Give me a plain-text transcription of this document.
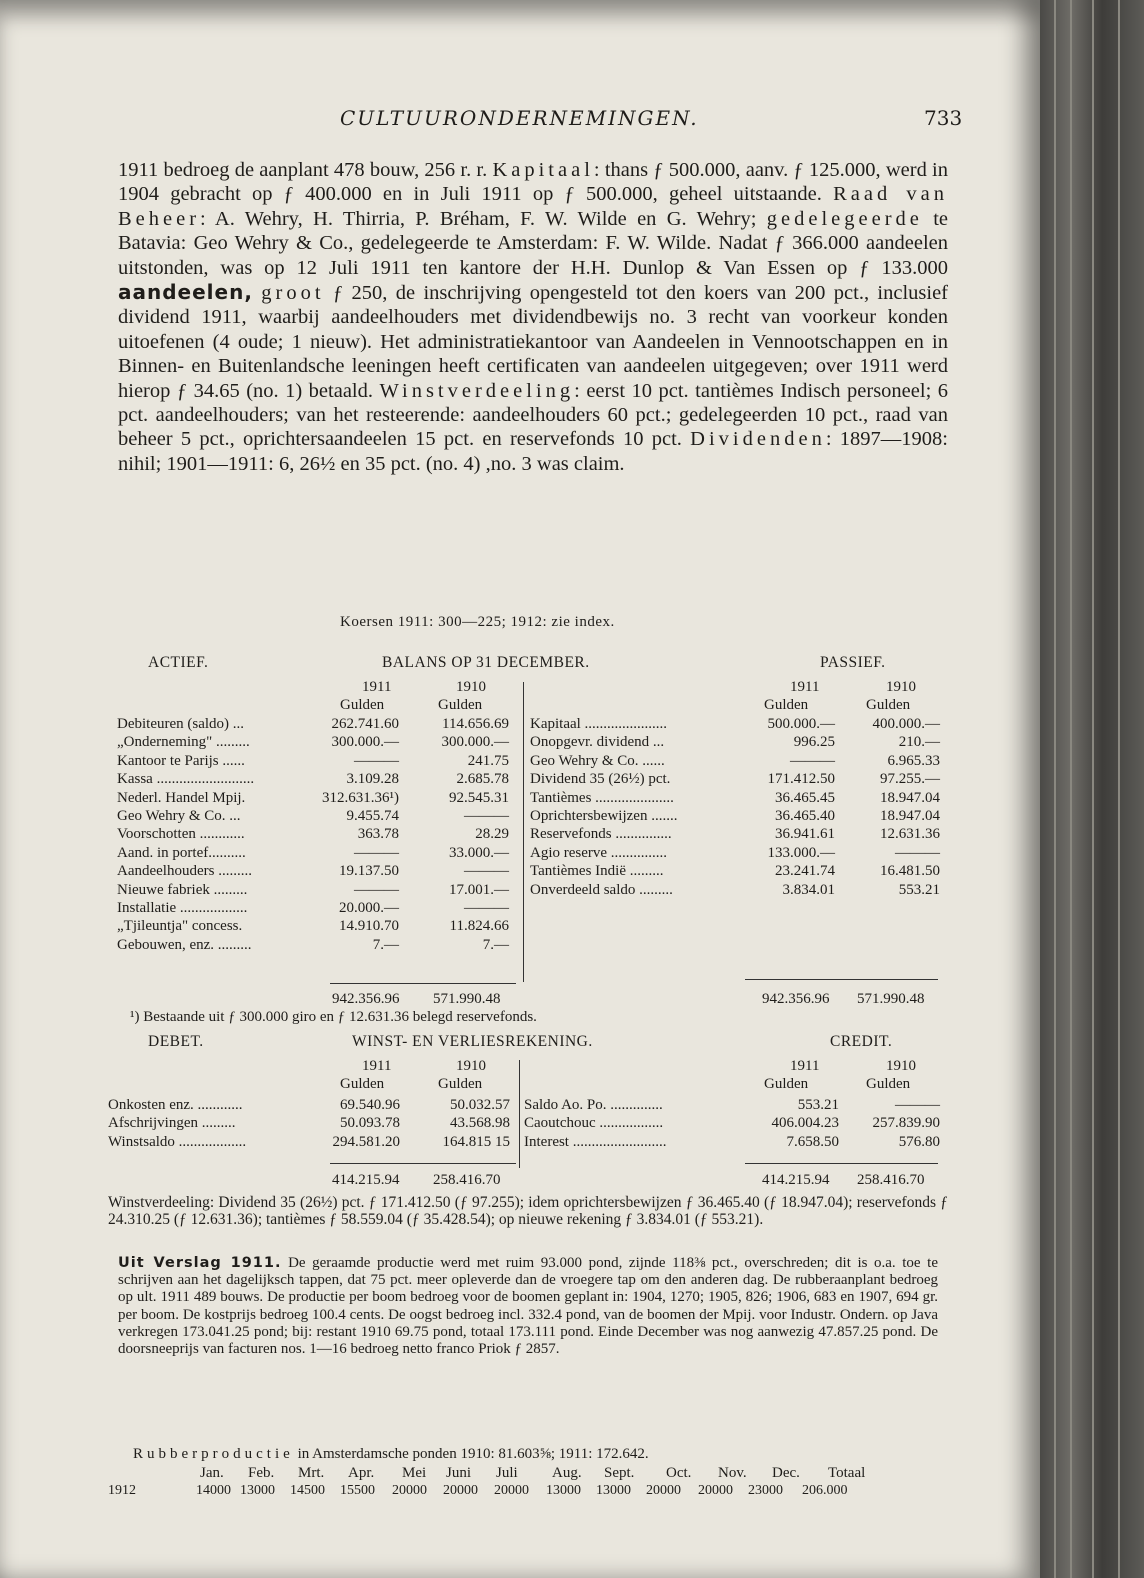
CULTUURONDERNEMINGEN.	733

1911 bedroeg de aanplant 478 bouw, 256 r. r. Kapitaal: thans ƒ 500.000, aanv. ƒ 125.000, werd in 1904 gebracht op ƒ 400.000 en in Juli 1911 op ƒ 500.000, geheel uitstaande. Raad van Beheer: A. Wehry, H. Thirria, P. Bréham, F. W. Wilde en G. Wehry; gedelegeerde te Batavia: Geo Wehry & Co., gedelegeerde te Amsterdam: F. W. Wilde. Nadat ƒ 366.000 aandeelen uitstonden, was op 12 Juli 1911 ten kantore der H.H. Dunlop & Van Essen op ƒ 133.000 aandeelen, groot ƒ 250, de inschrijving opengesteld tot den koers van 200 pct., inclusief dividend 1911, waarbij aandeelhouders met dividendbewijs no. 3 recht van voorkeur konden uitoefenen (4 oude; 1 nieuw). Het administratiekantoor van Aandeelen in Vennootschappen en in Binnen- en Buitenlandsche leeningen heeft certificaten van aandeelen uitgegeven; over 1911 werd hierop ƒ 34.65 (no. 1) betaald. Winstverdeeling: eerst 10 pct. tantièmes Indisch personeel; 6 pct. aandeelhouders; van het resteerende: aandeelhouders 60 pct.; gedelegeerden 10 pct., raad van beheer 5 pct., oprichtersaandeelen 15 pct. en reservefonds 10 pct. Dividenden: 1897—1908: nihil; 1901—1911: 6, 26½ en 35 pct. (no. 4) ,no. 3 was claim.

Koersen 1911: 300—225; 1912: zie index.
ACTIEF.	BALANS OP 31 DECEMBER.	PASSIEF.
1911	1910	1911	1910
Gulden	Gulden	Gulden	Gulden
Debiteuren (saldo) ...	262.741.60	114.656.69
„Onderneming" .........	300.000.—	300.000.—
Kantoor te Parijs ......	———	241.75
Kassa ..........................	3.109.28	2.685.78
Nederl. Handel Mpij.	312.631.36¹)	92.545.31
Geo Wehry & Co. ...	9.455.74	———
Voorschotten ............	363.78	28.29
Aand. in portef..........	———	33.000.—
Aandeelhouders .........	19.137.50	———
Nieuwe fabriek .........	———	17.001.—
Installatie ..................	20.000.—	———
„Tjileuntja" concess.	14.910.70	11.824.66
Gebouwen, enz. .........	7.—	7.—
Kapitaal ......................	500.000.—	400.000.—
Onopgevr. dividend ...	996.25	210.—
Geo Wehry & Co. ......	———	6.965.33
Dividend 35 (26½) pct.	171.412.50	97.255.—
Tantièmes .....................	36.465.45	18.947.04
Oprichtersbewijzen .......	36.465.40	18.947.04
Reservefonds ...............	36.941.61	12.631.36
Agio reserve ...............	133.000.—	———
Tantièmes Indië .........	23.241.74	16.481.50
Onverdeeld saldo .........	3.834.01	553.21
942.356.96 571.990.48	942.356.96 571.990.48
¹) Bestaande uit ƒ 300.000 giro en ƒ 12.631.36 belegd reservefonds.
DEBET.	WINST- EN VERLIESREKENING.	CREDIT.
1911	1910	1911	1910
Gulden	Gulden	Gulden	Gulden
Onkosten enz. ............	69.540.96	50.032.57
Afschrijvingen .........	50.093.78	43.568.98
Winstsaldo ..................	294.581.20	164.815 15
Saldo Ao. Po. ..............	553.21	———
Caoutchouc .................	406.004.23 257.839.90
Interest .........................	7.658.50	576.80
414.215.94 258.416.70	414.215.94 258.416.70

Winstverdeeling: Dividend 35 (26½) pct. ƒ 171.412.50 (ƒ 97.255); idem oprichtersbewijzen ƒ 36.465.40 (ƒ 18.947.04); reservefonds ƒ 24.310.25 (ƒ 12.631.36); tantièmes ƒ 58.559.04 (ƒ 35.428.54); op nieuwe rekening ƒ 3.834.01 (ƒ 553.21).

Uit Verslag 1911. De geraamde productie werd met ruim 93.000 pond, zijnde 118⅜ pct., overschreden; dit is o.a. toe te schrijven aan het dagelijksch tappen, dat 75 pct. meer opleverde dan de vroegere tap om den anderen dag. De rubberaanplant bedroeg op ult. 1911 489 bouws. De productie per boom bedroeg voor de boomen geplant in: 1904, 1270; 1905, 826; 1906, 683 en 1907, 694 gr. per boom. De kostprijs bedroeg 100.4 cents. De oogst bedroeg incl. 332.4 pond, van de boomen der Mpij. voor Industr. Ondern. op Java verkregen 173.041.25 pond; bij: restant 1910 69.75 pond, totaal 173.111 pond. Einde December was nog aanwezig 47.857.25 pond. De doorsneeprijs van facturen nos. 1—16 bedroeg netto franco Priok ƒ 2857.

Rubberproductie in Amsterdamsche ponden 1910: 81.603⅝; 1911: 172.642.
Jan. Feb. Mrt. Apr. Mei Juni Juli Aug. Sept. Oct. Nov. Dec. Totaal
1912	14000 13000 14500 15500 20000 20000 20000 13000 13000 20000 20000 23000 206.000
